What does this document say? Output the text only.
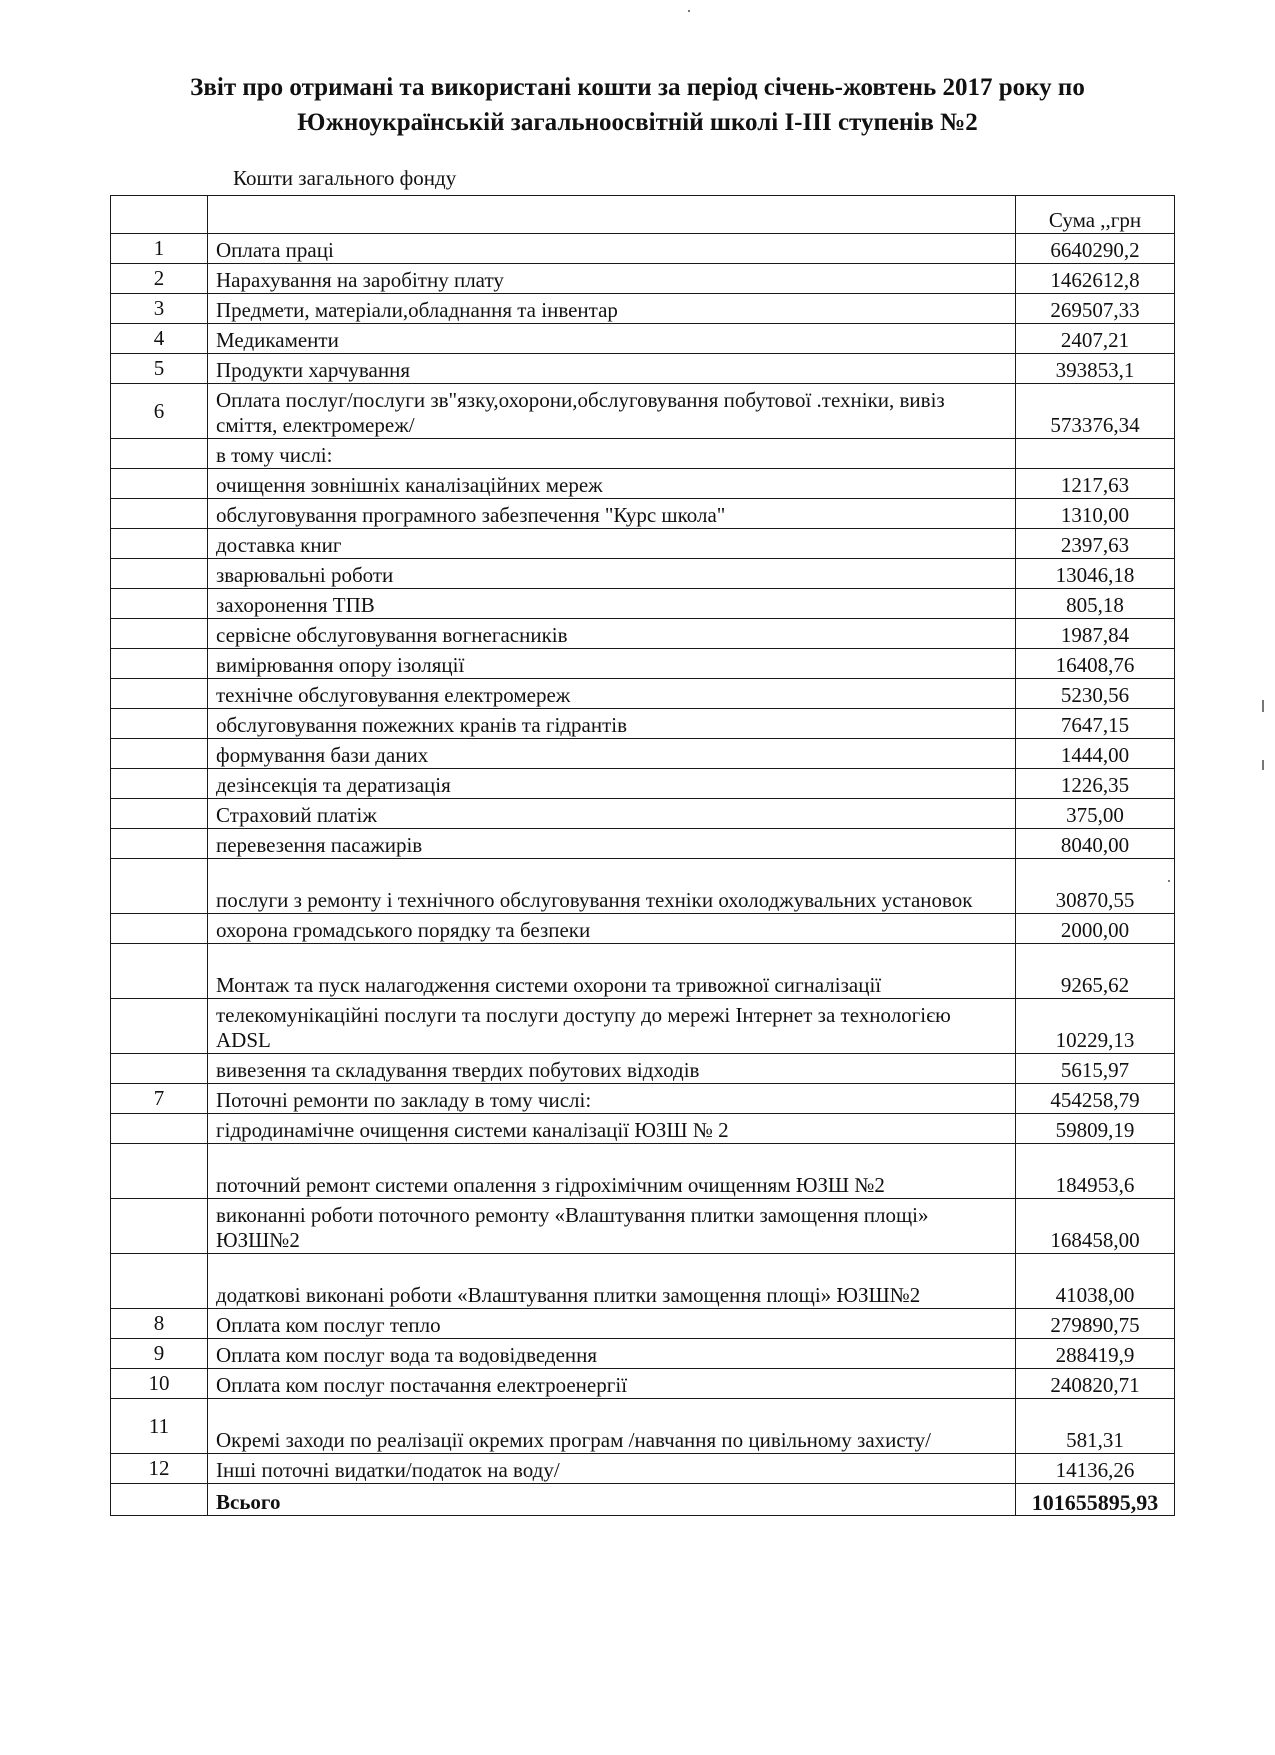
Звіт про отримані та використані кошти за період січень-жовтень 2017 року по
Южноукраїнській загальноосвітній школі І-ІІІ ступенів №2
Кошти загального фонду
		Сума ,,грн
1	Оплата праці	6640290,2
2	Нарахування на заробітну плату	1462612,8
3	Предмети, матеріали,обладнання та інвентар	269507,33
4	Медикаменти	2407,21
5	Продукти харчування	393853,1
6	Оплата послуг/послуги зв"язку,охорони,обслуговування побутової .техніки, вивіз сміття, електромереж/	573376,34
	в тому числі:	
	очищення зовнішніх каналізаційних мереж	1217,63
	обслуговування програмного забезпечення "Курс школа"	1310,00
	доставка книг	2397,63
	зварювальні роботи	13046,18
	захоронення ТПВ	805,18
	сервісне обслуговування вогнегасників	1987,84
	вимірювання опору ізоляції	16408,76
	технічне обслуговування електромереж	5230,56
	обслуговування пожежних кранів та гідрантів	7647,15
	формування бази даних	1444,00
	дезінсекція та дератизація	1226,35
	Страховий платіж	375,00
	перевезення пасажирів	8040,00
	послуги з ремонту і технічного обслуговування техніки охолоджувальних установок	30870,55
	охорона громадського порядку та безпеки	2000,00
	Монтаж та пуск налагодження системи охорони та тривожної сигналізації	9265,62
	телекомунікаційні послуги та послуги доступу до мережі Інтернет за технологією ADSL	10229,13
	вивезення та складування твердих побутових відходів	5615,97
7	Поточні ремонти по закладу в тому числі:	454258,79
	гідродинамічне очищення системи каналізації ЮЗШ № 2	59809,19
	поточний ремонт системи опалення з гідрохімічним очищенням ЮЗШ №2	184953,6
	виконанні роботи поточного ремонту «Влаштування плитки замощення площі» ЮЗШ№2	168458,00
	додаткові виконані роботи «Влаштування плитки замощення площі» ЮЗШ№2	41038,00
8	Оплата ком послуг тепло	279890,75
9	Оплата ком послуг вода та водовідведення	288419,9
10	Оплата ком послуг постачання електроенергії	240820,71
11	Окремі заходи по реалізації окремих програм /навчання по цивільному захисту/	581,31
12	Інші поточні видатки/податок на воду/	14136,26
	Всього	101655895,93
